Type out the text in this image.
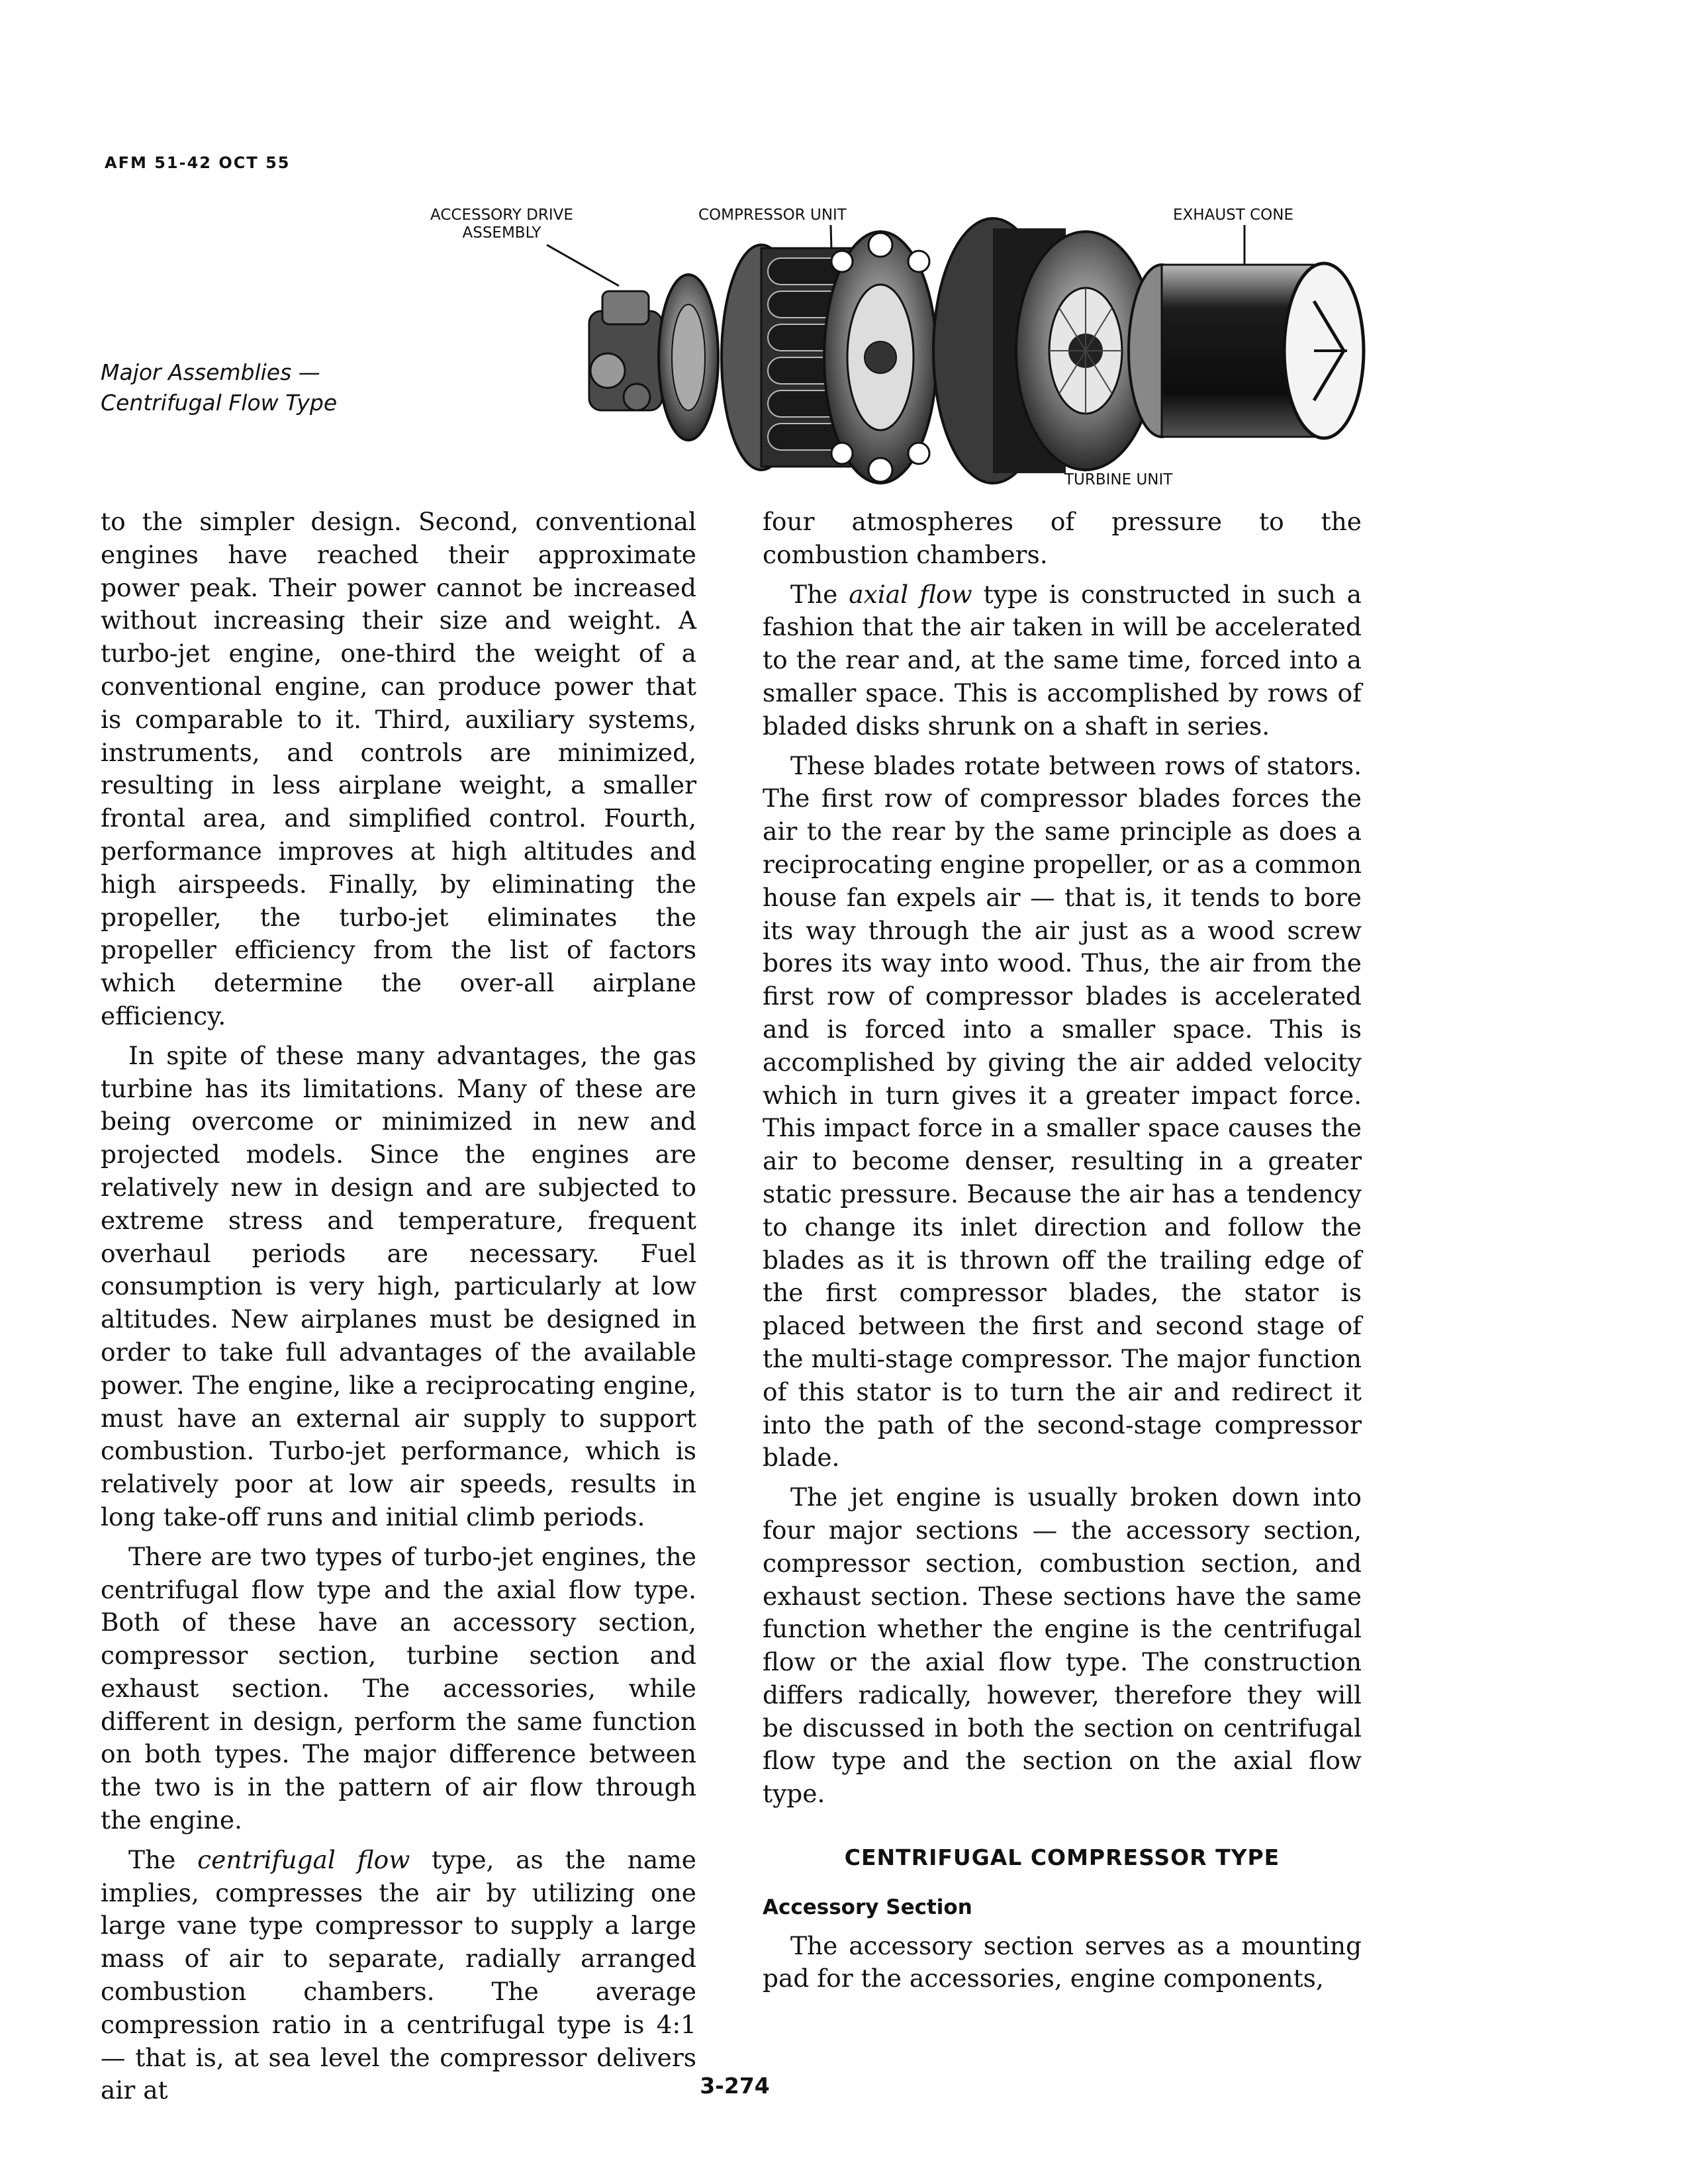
AFM 51-42 OCT 55
ACCESSORY DRIVE
ASSEMBLY
COMPRESSOR UNIT	EXHAUST CONE
TURBINE UNIT
Major Assemblies —
Centrifugal Flow Type

to the simpler design. Second, conventional engines have reached their approximate power peak. Their power cannot be increased without increasing their size and weight. A turbo-jet engine, one-third the weight of a conventional engine, can produce power that is comparable to it. Third, auxiliary systems, instruments, and controls are minimized, resulting in less airplane weight, a smaller frontal area, and simplified control. Fourth, performance improves at high altitudes and high airspeeds. Finally, by eliminating the propeller, the turbo-jet eliminates the propeller efficiency from the list of factors which determine the over-all airplane efficiency.

In spite of these many advantages, the gas turbine has its limitations. Many of these are being overcome or minimized in new and projected models. Since the engines are relatively new in design and are subjected to extreme stress and temperature, frequent overhaul periods are necessary. Fuel consumption is very high, particularly at low altitudes. New airplanes must be designed in order to take full advantages of the available power. The engine, like a reciprocating engine, must have an external air supply to support combustion. Turbo-jet performance, which is relatively poor at low air speeds, results in long take-off runs and initial climb periods.

There are two types of turbo-jet engines, the centrifugal flow type and the axial flow type. Both of these have an accessory section, compressor section, turbine section and exhaust section. The accessories, while different in design, perform the same function on both types. The major difference between the two is in the pattern of air flow through the engine.

The centrifugal flow type, as the name implies, compresses the air by utilizing one large vane type compressor to supply a large mass of air to separate, radially arranged combustion chambers. The average compression ratio in a centrifugal type is 4:1 — that is, at sea level the compressor delivers air at

four atmospheres of pressure to the combustion chambers.

The axial flow type is constructed in such a fashion that the air taken in will be accelerated to the rear and, at the same time, forced into a smaller space. This is accomplished by rows of bladed disks shrunk on a shaft in series.

These blades rotate between rows of stators. The first row of compressor blades forces the air to the rear by the same principle as does a reciprocating engine propeller, or as a common house fan expels air — that is, it tends to bore its way through the air just as a wood screw bores its way into wood. Thus, the air from the first row of compressor blades is accelerated and is forced into a smaller space. This is accomplished by giving the air added velocity which in turn gives it a greater impact force. This impact force in a smaller space causes the air to become denser, resulting in a greater static pressure. Because the air has a tendency to change its inlet direction and follow the blades as it is thrown off the trailing edge of the first compressor blades, the stator is placed between the first and second stage of the multi-stage compressor. The major function of this stator is to turn the air and redirect it into the path of the second-stage compressor blade.

The jet engine is usually broken down into four major sections — the accessory section, compressor section, combustion section, and exhaust section. These sections have the same function whether the engine is the centrifugal flow or the axial flow type. The construction differs radically, however, therefore they will be discussed in both the section on centrifugal flow type and the section on the axial flow type.

CENTRIFUGAL COMPRESSOR TYPE
Accessory Section

The accessory section serves as a mounting pad for the accessories, engine components,

3-274
